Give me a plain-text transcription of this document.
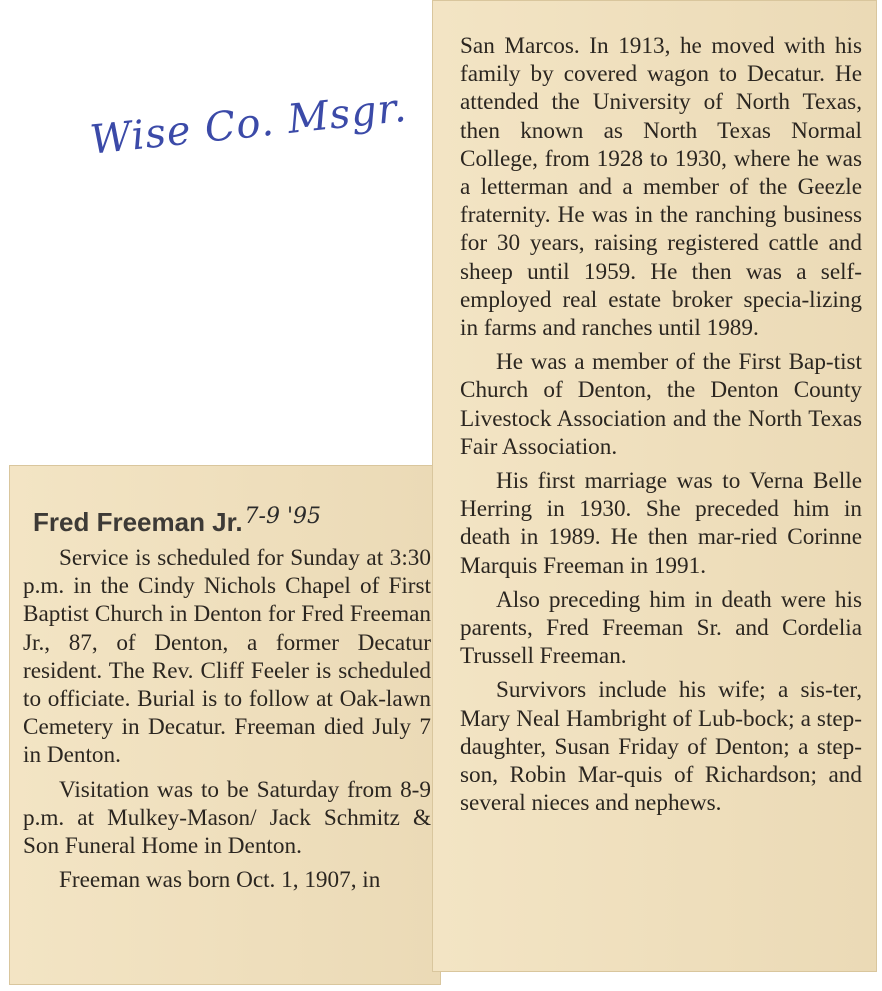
Wise Co. Msgr.
Fred Freeman Jr.$^{7-9 '95}$

Service is scheduled for Sunday at 3:30 p.m. in the Cindy Nichols Chapel of First Baptist Church in Denton for Fred Freeman Jr., 87, of Denton, a former Decatur resident. The Rev. Cliff Feeler is scheduled to officiate. Burial is to follow at Oak-lawn Cemetery in Decatur. Freeman died July 7 in Denton.

Visitation was to be Saturday from 8-9 p.m. at Mulkey-Mason/ Jack Schmitz & Son Funeral Home in Denton.

Freeman was born Oct. 1, 1907, in

San Marcos. In 1913, he moved with his family by covered wagon to Decatur. He attended the University of North Texas, then known as North Texas Normal College, from 1928 to 1930, where he was a letterman and a member of the Geezle fraternity. He was in the ranching business for 30 years, raising registered cattle and sheep until 1959. He then was a self-employed real estate broker specia-lizing in farms and ranches until 1989.

He was a member of the First Bap-tist Church of Denton, the Denton County Livestock Association and the North Texas Fair Association.

His first marriage was to Verna Belle Herring in 1930. She preceded him in death in 1989. He then mar-ried Corinne Marquis Freeman in 1991.

Also preceding him in death were his parents, Fred Freeman Sr. and Cordelia Trussell Freeman.

Survivors include his wife; a sis-ter, Mary Neal Hambright of Lub-bock; a step-daughter, Susan Friday of Denton; a step-son, Robin Mar-quis of Richardson; and several nieces and nephews.
